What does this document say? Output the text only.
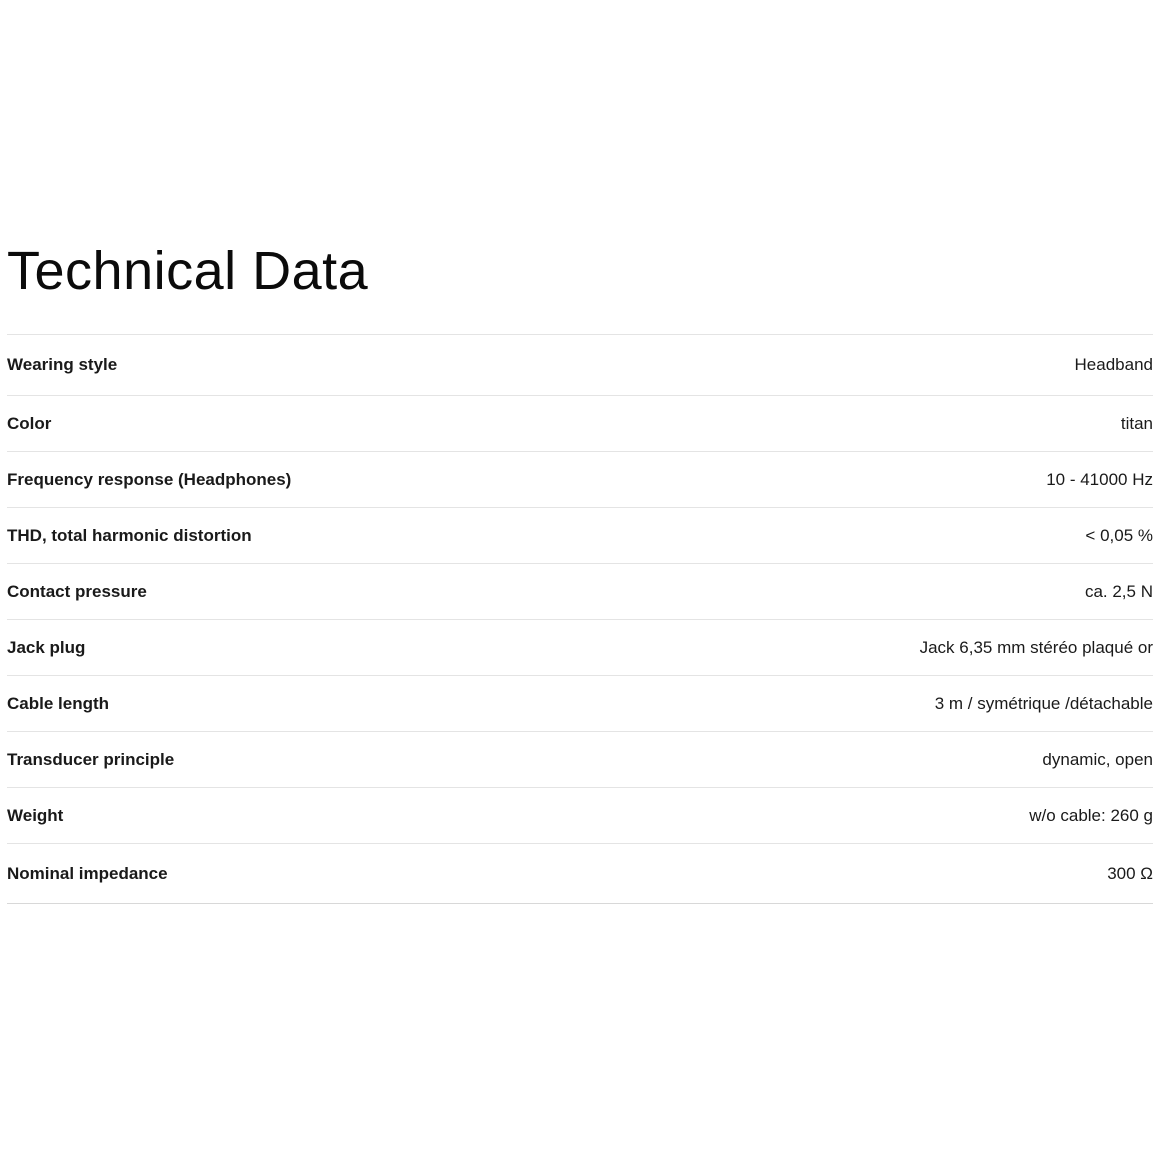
Technical Data
Wearing style	Headband
Color	titan
Frequency response (Headphones)	10 - 41000 Hz
THD, total harmonic distortion	< 0,05 %
Contact pressure	ca. 2,5 N
Jack plug	Jack 6,35 mm stéréo plaqué or
Cable length	3 m / symétrique /détachable
Transducer principle	dynamic, open
Weight	w/o cable: 260 g
Nominal impedance	300 Ω
